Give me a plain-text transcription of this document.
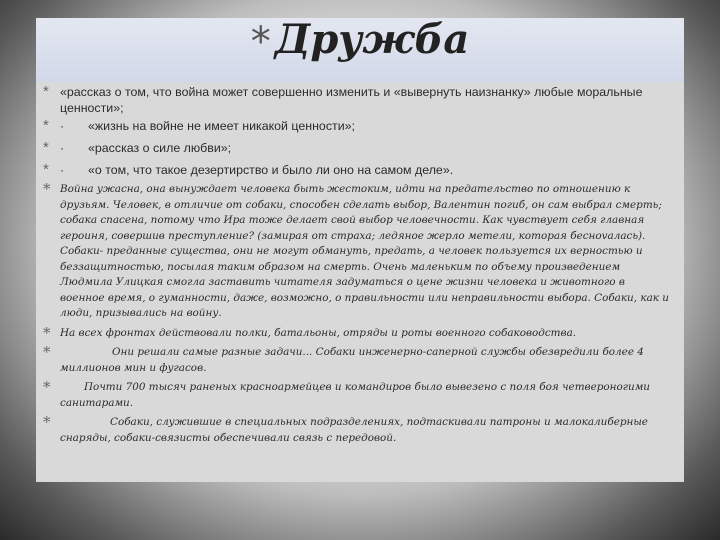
* Дружба
* «рассказ о том, что война может совершенно изменить и «вывернуть наизнанку» любые моральные ценности»;
* · «жизнь на войне не имеет никакой ценности»;
* · «рассказ о силе любви»;
* · «о том, что такое дезертирство и было ли оно на самом деле».
* Война ужасна, она вынуждает человека быть жестоким, идти на предательство по отношению к друзьям. Человек, в отличие от собаки, способен сделать выбор, Валентин погиб, он сам выбрал смерть; собака спасена, потому что Ира тоже делает свой выбор человечности. Как чувствует себя главная героиня, совершив преступление? (замирая от страха; ледяное жерло метели, которая беснovалась). Собаки- преданные существа, они не могут обмануть, предать, а человек пользуется их верностью и беззащитностью, посылая таким образом на смерть. Очень маленьким по объему произведением Людмила Улицкая смогла заставить читателя задуматься о цене жизни человека и животного в военное время, о гуманности, даже, возможно, о правильности или неправильности выбора. Собаки, как и люди, призывались на войну.
* На всех фронтах действовали полки, батальоны, отряды и роты военного собаководства.
*	Они решали самые разные задачи... Собаки инженерно-саперной службы обезвредили более 4 миллионов мин и фугасов.
*	Почти 700 тысяч раненых красноармейцев и командиров было вывезено с поля боя четвероногими санитарами.
*	Собаки, служившие в специальных подразделениях, подтаскивали патроны и малокалиберные снаряды, собаки-связисты обеспечивали связь с передовой.
